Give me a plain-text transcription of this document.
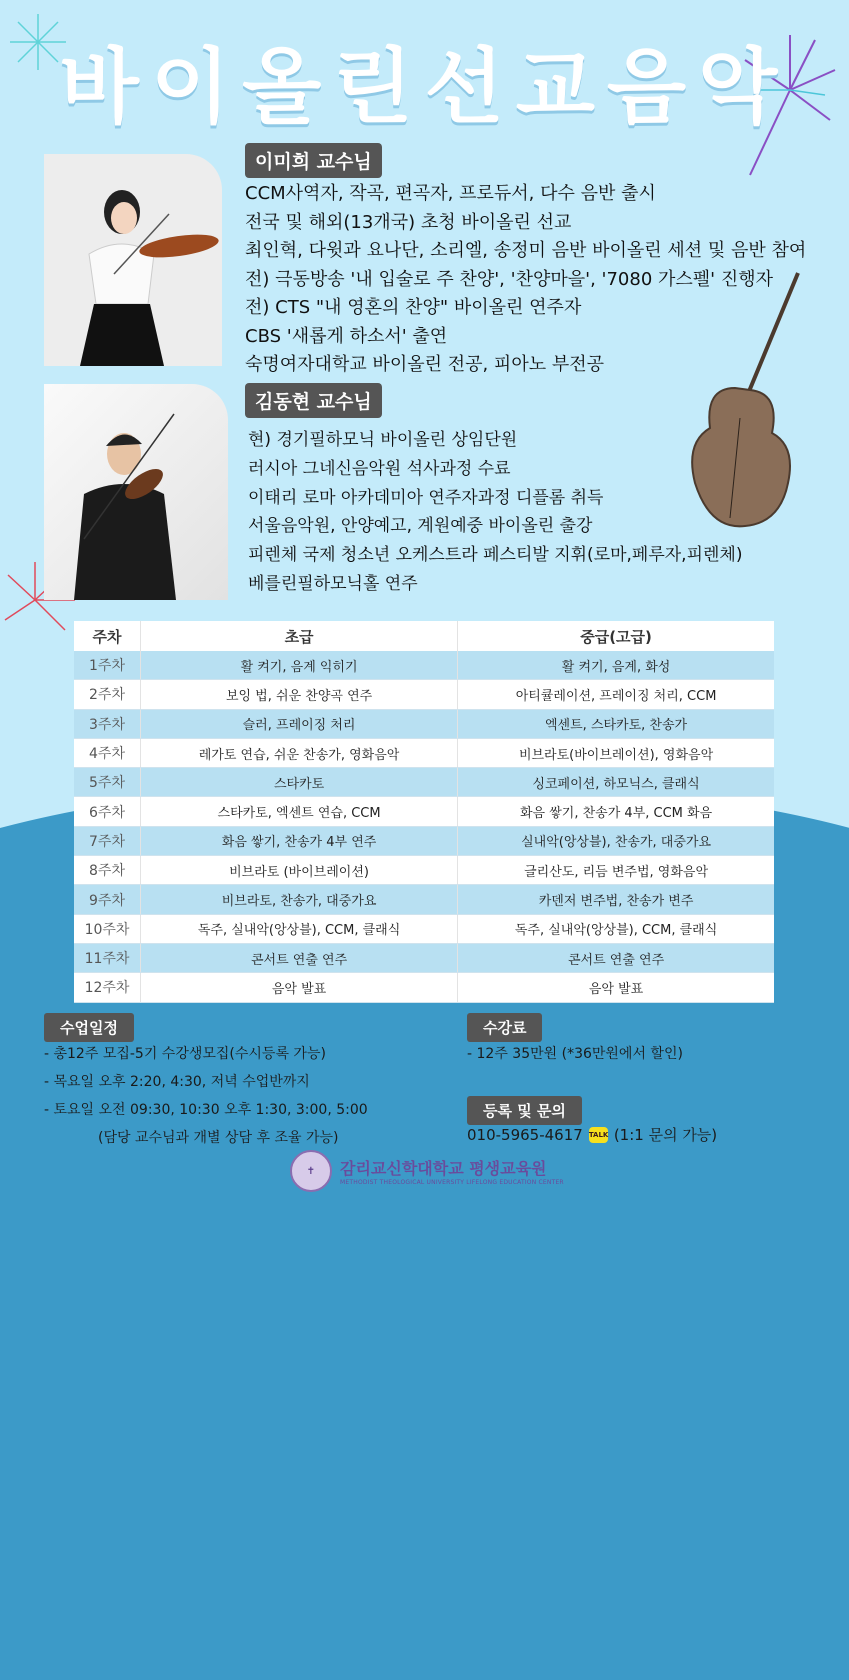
바이올린선교음악
이미희 교수님
CCM사역자, 작곡, 편곡자, 프로듀서, 다수 음반 출시
전국 및 해외(13개국) 초청 바이올린 선교
최인혁, 다윗과 요나단, 소리엘, 송정미 음반 바이올린 세션 및 음반 참여
전) 극동방송 '내 입술로 주 찬양', '찬양마을', '7080 가스펠' 진행자
전) CTS "내 영혼의 찬양" 바이올린 연주자
CBS '새롭게 하소서' 출연
숙명여자대학교 바이올린 전공, 피아노 부전공
김동현 교수님
현) 경기필하모닉 바이올린 상임단원
러시아 그네신음악원 석사과정 수료
이태리 로마 아카데미아 연주자과정 디플롬 취득
서울음악원, 안양예고, 계원예중 바이올린 출강
피렌체 국제 청소년 오케스트라 페스티발 지휘(로마,페루자,피렌체)
베를린필하모닉홀 연주
주차	초급	중급(고급)
1주차	활 켜기, 음계 익히기	활 켜기, 음계, 화성
2주차	보잉 법, 쉬운 찬양곡 연주	아티큘레이션, 프레이징 처리, CCM
3주차	슬러, 프레이징 처리	엑센트, 스타카토, 찬송가
4주차	레가토 연습, 쉬운 찬송가, 영화음악	비브라토(바이브레이션), 영화음악
5주차	스타카토	싱코페이션, 하모닉스, 클래식
6주차	스타카토, 엑센트 연습, CCM	화음 쌓기, 찬송가 4부, CCM 화음
7주차	화음 쌓기, 찬송가 4부 연주	실내악(앙상블), 찬송가, 대중가요
8주차	비브라토 (바이브레이션)	글리산도, 리듬 변주법, 영화음악
9주차	비브라토, 찬송가, 대중가요	카덴저 변주법, 찬송가 변주
10주차	독주, 실내악(앙상블), CCM, 클래식	독주, 실내악(앙상블), CCM, 클래식
11주차	콘서트 연출 연주	콘서트 연출 연주
12주차	음악 발표	음악 발표
수업일정
- 총12주 모집-5기 수강생모집(수시등록 가능)
- 목요일 오후 2:20, 4:30, 저녁 수업반까지
- 토요일 오전 09:30, 10:30 오후 1:30, 3:00, 5:00
(담당 교수님과 개별 상담 후 조율 가능)
수강료
- 12주 35만원 (*36만원에서 할인)
등록 및 문의
010-5965-4617 TALK (1:1 문의 가능)
✝	감리교신학대학교 평생교육원
METHODIST THEOLOGICAL UNIVERSITY LIFELONG EDUCATION CENTER
